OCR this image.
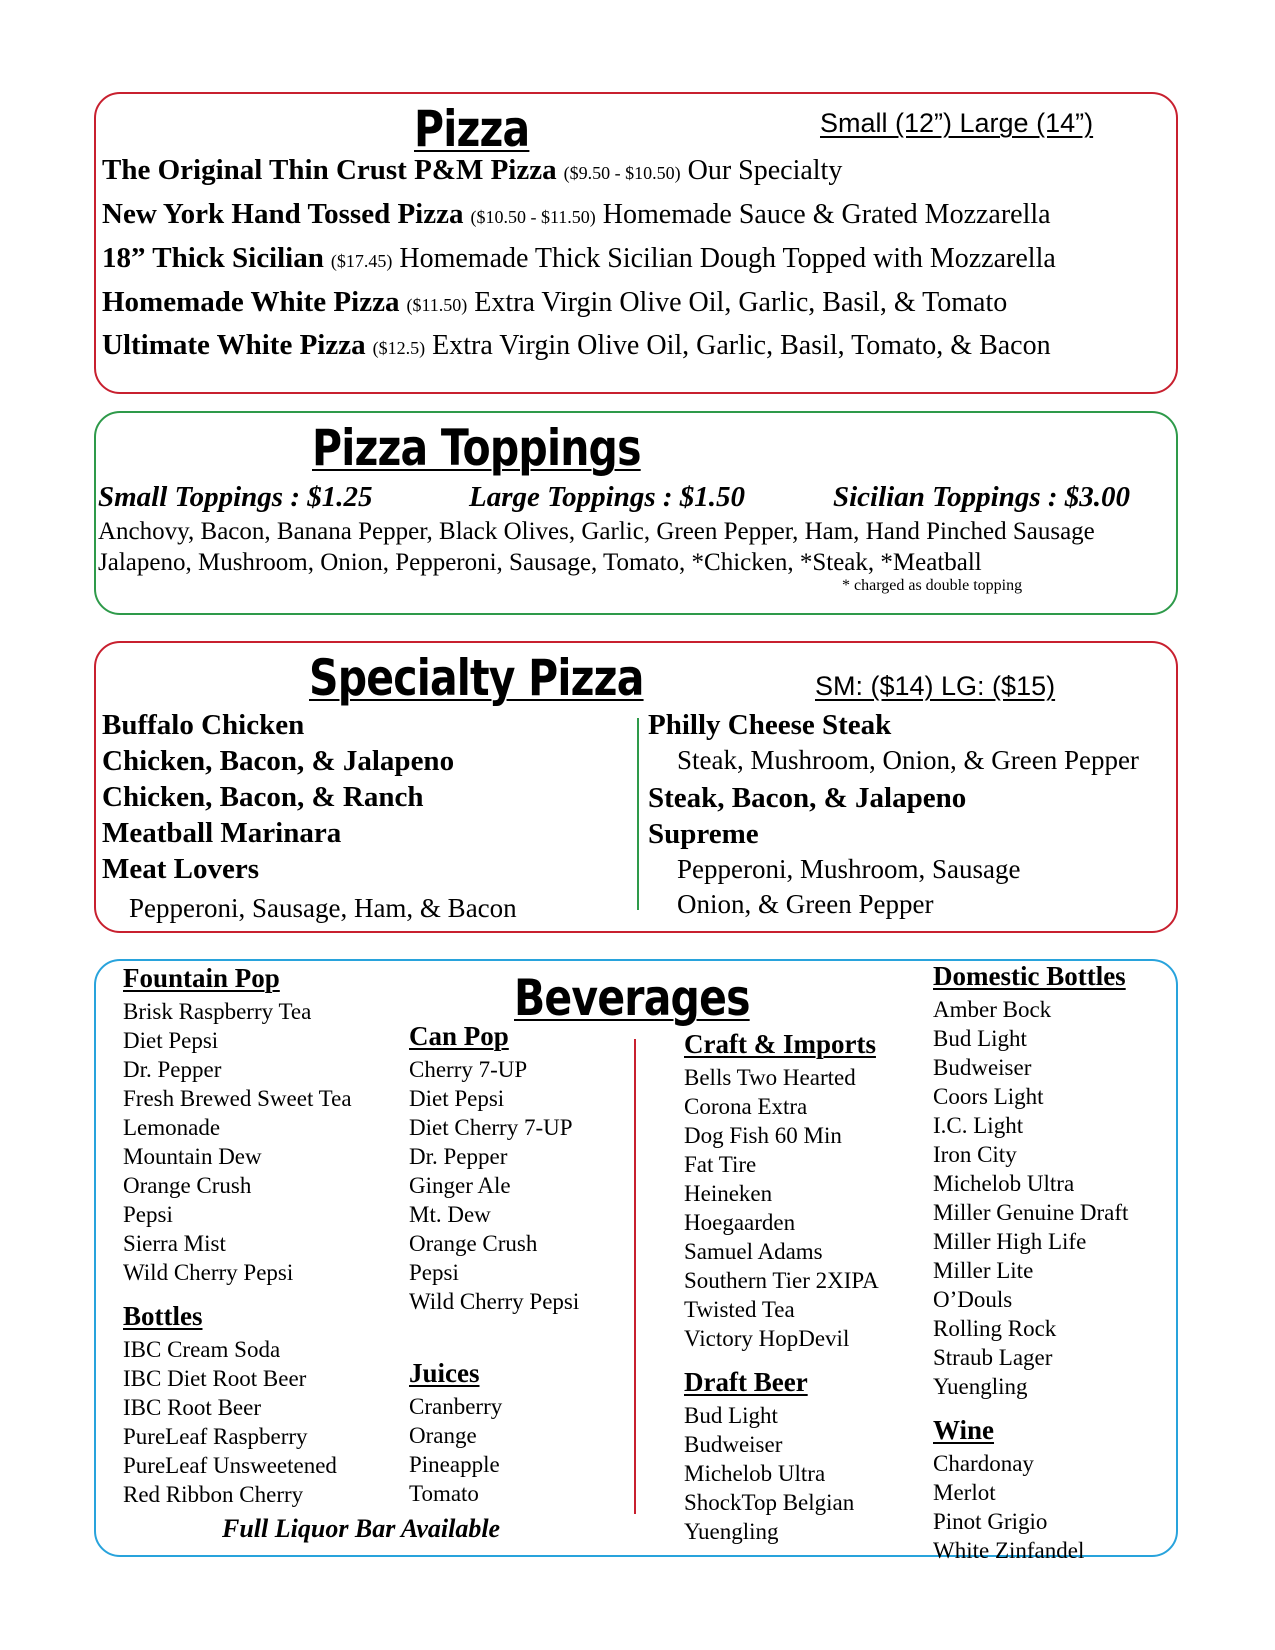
Pizza	Small (12”) Large (14”)
The Original Thin Crust P&M Pizza ($9.50 - $10.50) Our Specialty
New York Hand Tossed Pizza ($10.50 - $11.50) Homemade Sauce & Grated Mozzarella
18” Thick Sicilian ($17.45) Homemade Thick Sicilian Dough Topped with Mozzarella
Homemade White Pizza ($11.50) Extra Virgin Olive Oil, Garlic, Basil, & Tomato
Ultimate White Pizza ($12.5) Extra Virgin Olive Oil, Garlic, Basil, Tomato, & Bacon
Pizza Toppings
Small Toppings : $1.25	Large Toppings : $1.50	Sicilian Toppings : $3.00
Anchovy, Bacon, Banana Pepper, Black Olives, Garlic, Green Pepper, Ham, Hand Pinched Sausage
Jalapeno, Mushroom, Onion, Pepperoni, Sausage, Tomato, *Chicken, *Steak, *Meatball
* charged as double topping
Specialty Pizza	SM: ($14) LG: ($15)
Buffalo Chicken
Chicken, Bacon, & Jalapeno
Chicken, Bacon, & Ranch
Meatball Marinara
Meat Lovers
Pepperoni, Sausage, Ham, & Bacon
Philly Cheese Steak
Steak, Mushroom, Onion, & Green Pepper
Steak, Bacon, & Jalapeno
Supreme
Pepperoni, Mushroom, Sausage
Onion, & Green Pepper
Beverages
Fountain Pop
Brisk Raspberry Tea
Diet Pepsi
Dr. Pepper
Fresh Brewed Sweet Tea
Lemonade
Mountain Dew
Orange Crush
Pepsi
Sierra Mist
Wild Cherry Pepsi
Bottles
IBC Cream Soda
IBC Diet Root Beer
IBC Root Beer
PureLeaf Raspberry
PureLeaf Unsweetened
Red Ribbon Cherry
Can Pop
Cherry 7-UP
Diet Pepsi
Diet Cherry 7-UP
Dr. Pepper
Ginger Ale
Mt. Dew
Orange Crush
Pepsi
Wild Cherry Pepsi
Juices
Cranberry
Orange
Pineapple
Tomato
Craft & Imports
Bells Two Hearted
Corona Extra
Dog Fish 60 Min
Fat Tire
Heineken
Hoegaarden
Samuel Adams
Southern Tier 2XIPA
Twisted Tea
Victory HopDevil
Draft Beer
Bud Light
Budweiser
Michelob Ultra
ShockTop Belgian
Yuengling
Domestic Bottles
Amber Bock
Bud Light
Budweiser
Coors Light
I.C. Light
Iron City
Michelob Ultra
Miller Genuine Draft
Miller High Life
Miller Lite
O’Douls
Rolling Rock
Straub Lager
Yuengling
Wine
Chardonay
Merlot
Pinot Grigio
White Zinfandel
Full Liquor Bar Available
